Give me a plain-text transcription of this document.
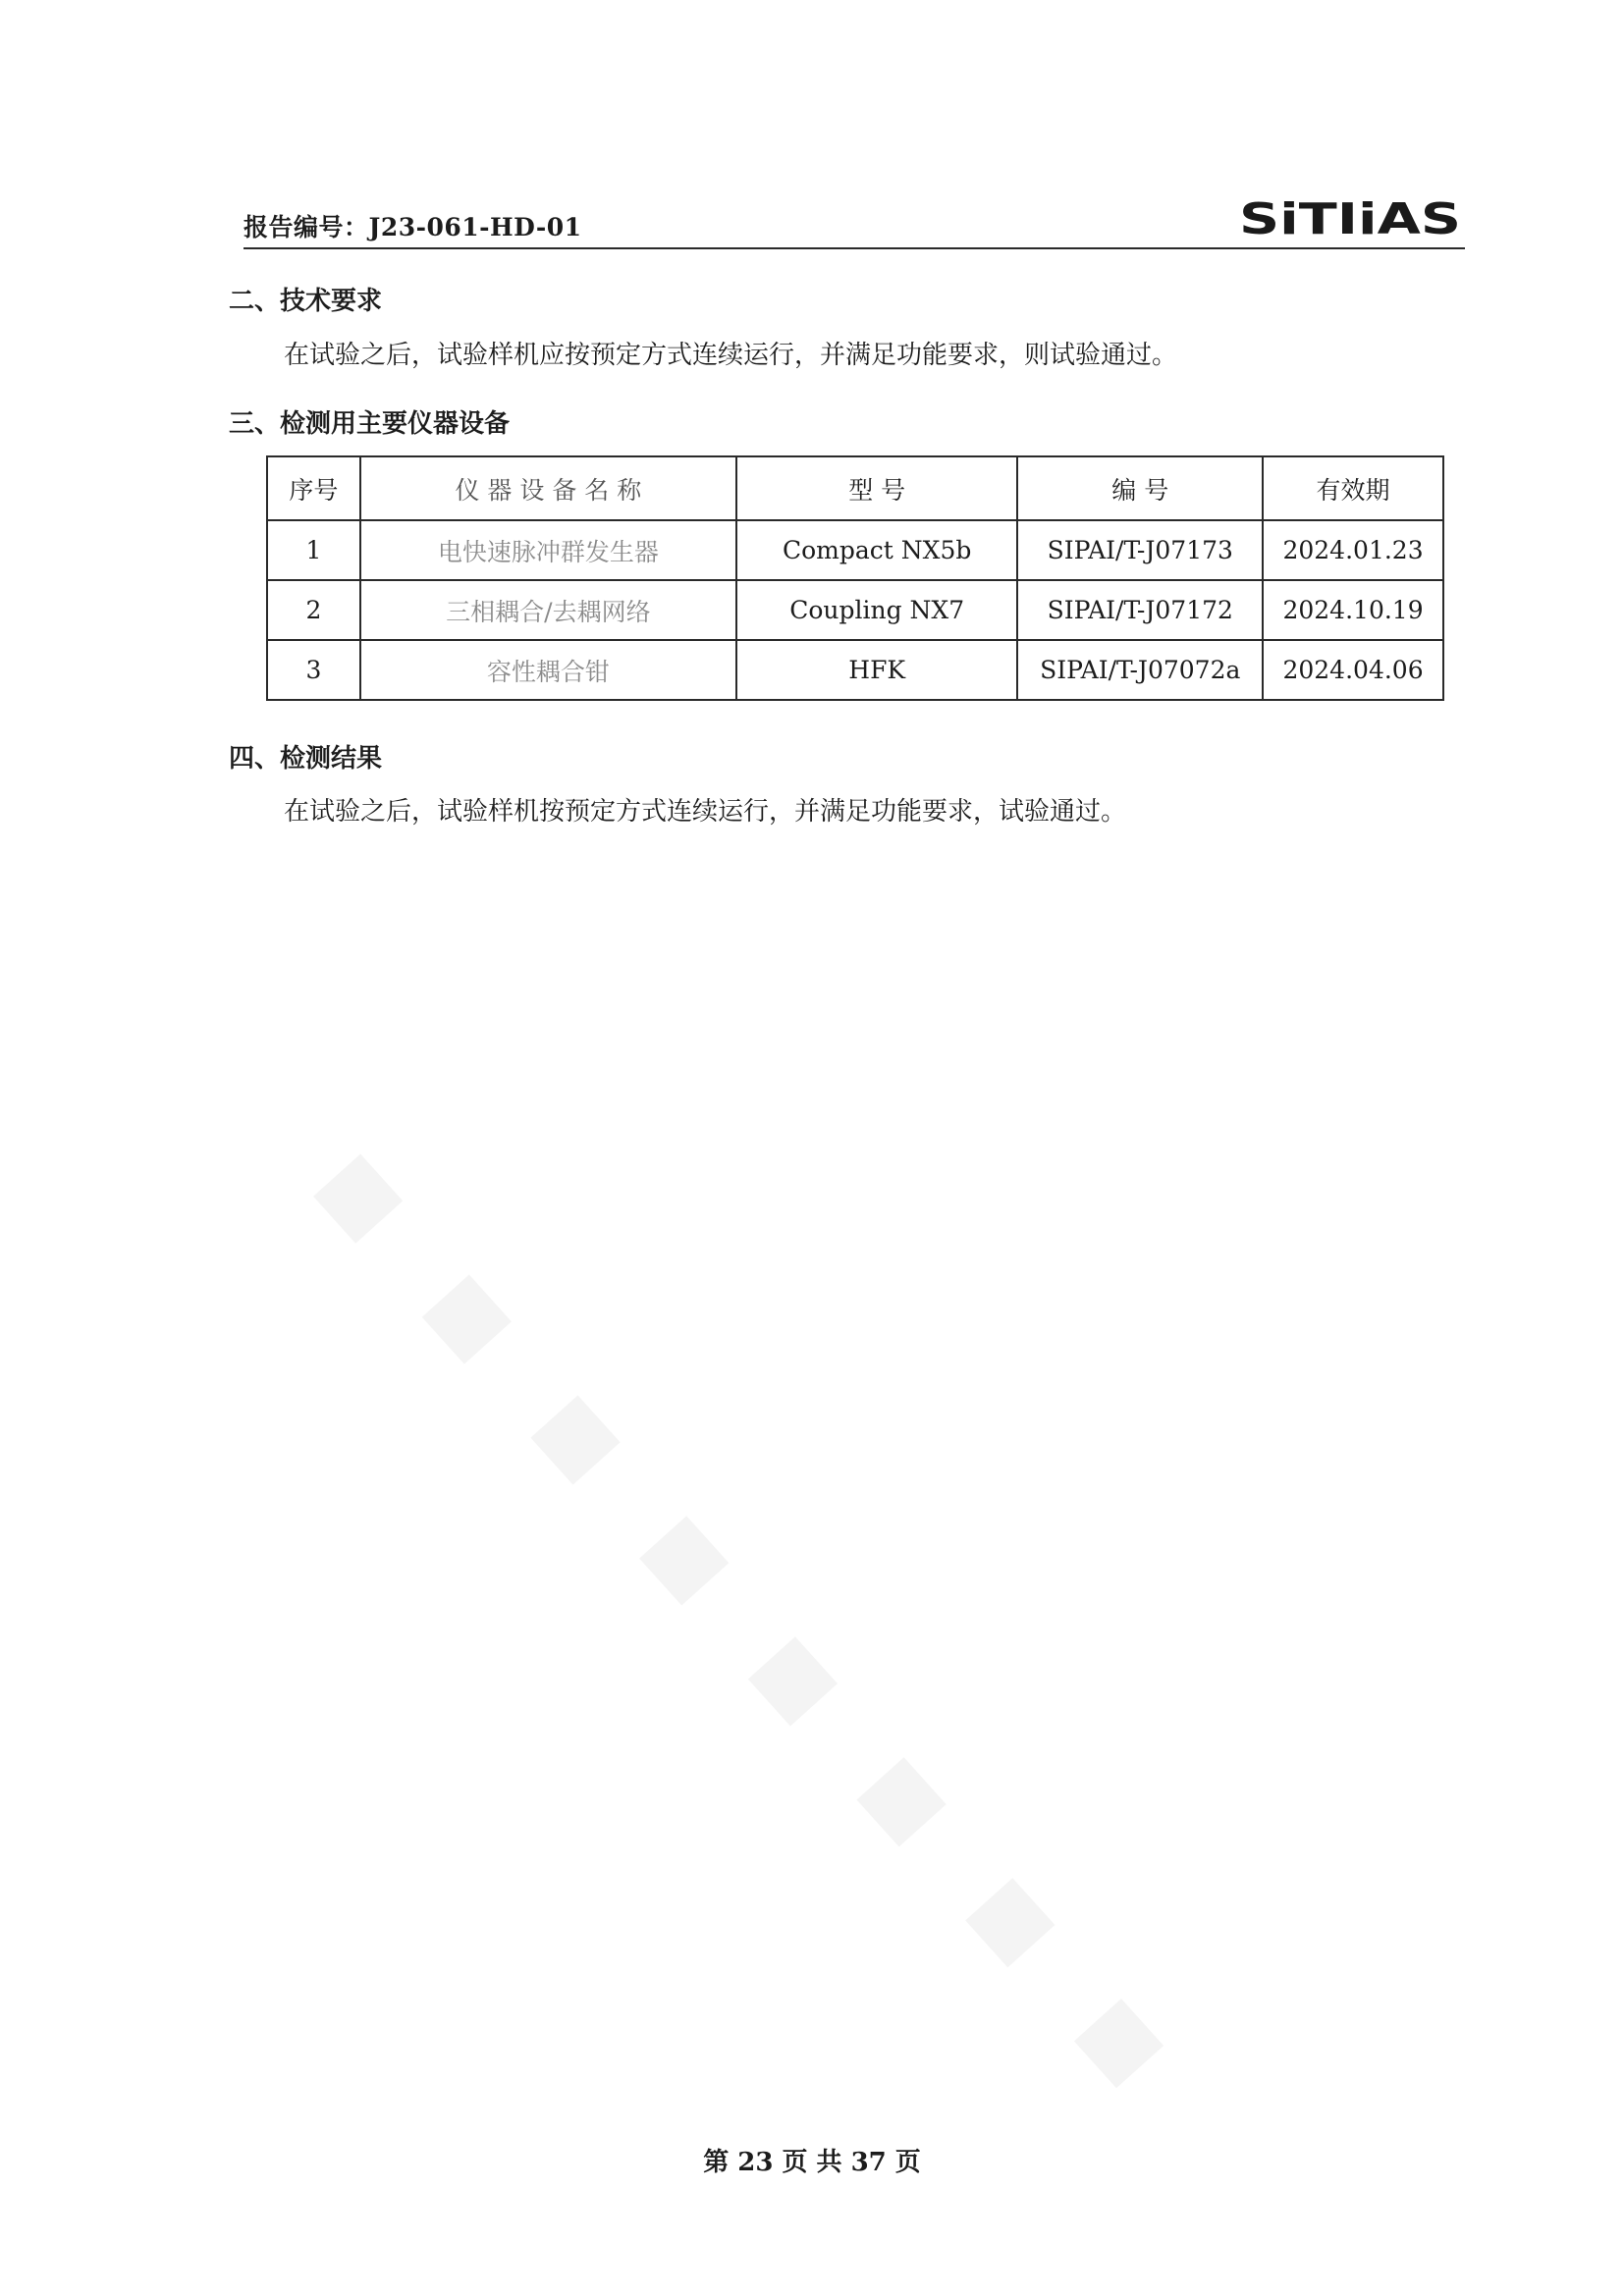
报告编号：J23-061-HD-01	SiTIiAS
二、技术要求
在试验之后，试验样机应按预定方式连续运行，并满足功能要求，则试验通过。
三、检测用主要仪器设备
序号	仪 器 设 备 名 称	型 号	编 号	有效期
1	电快速脉冲群发生器	Compact NX5b	SIPAI/T-J07173	2024.01.23
2	三相耦合/去耦网络	Coupling NX7	SIPAI/T-J07172	2024.10.19
3	容性耦合钳	HFK	SIPAI/T-J07072a	2024.04.06
四、检测结果
在试验之后，试验样机按预定方式连续运行，并满足功能要求，试验通过。
第 23 页 共 37 页
